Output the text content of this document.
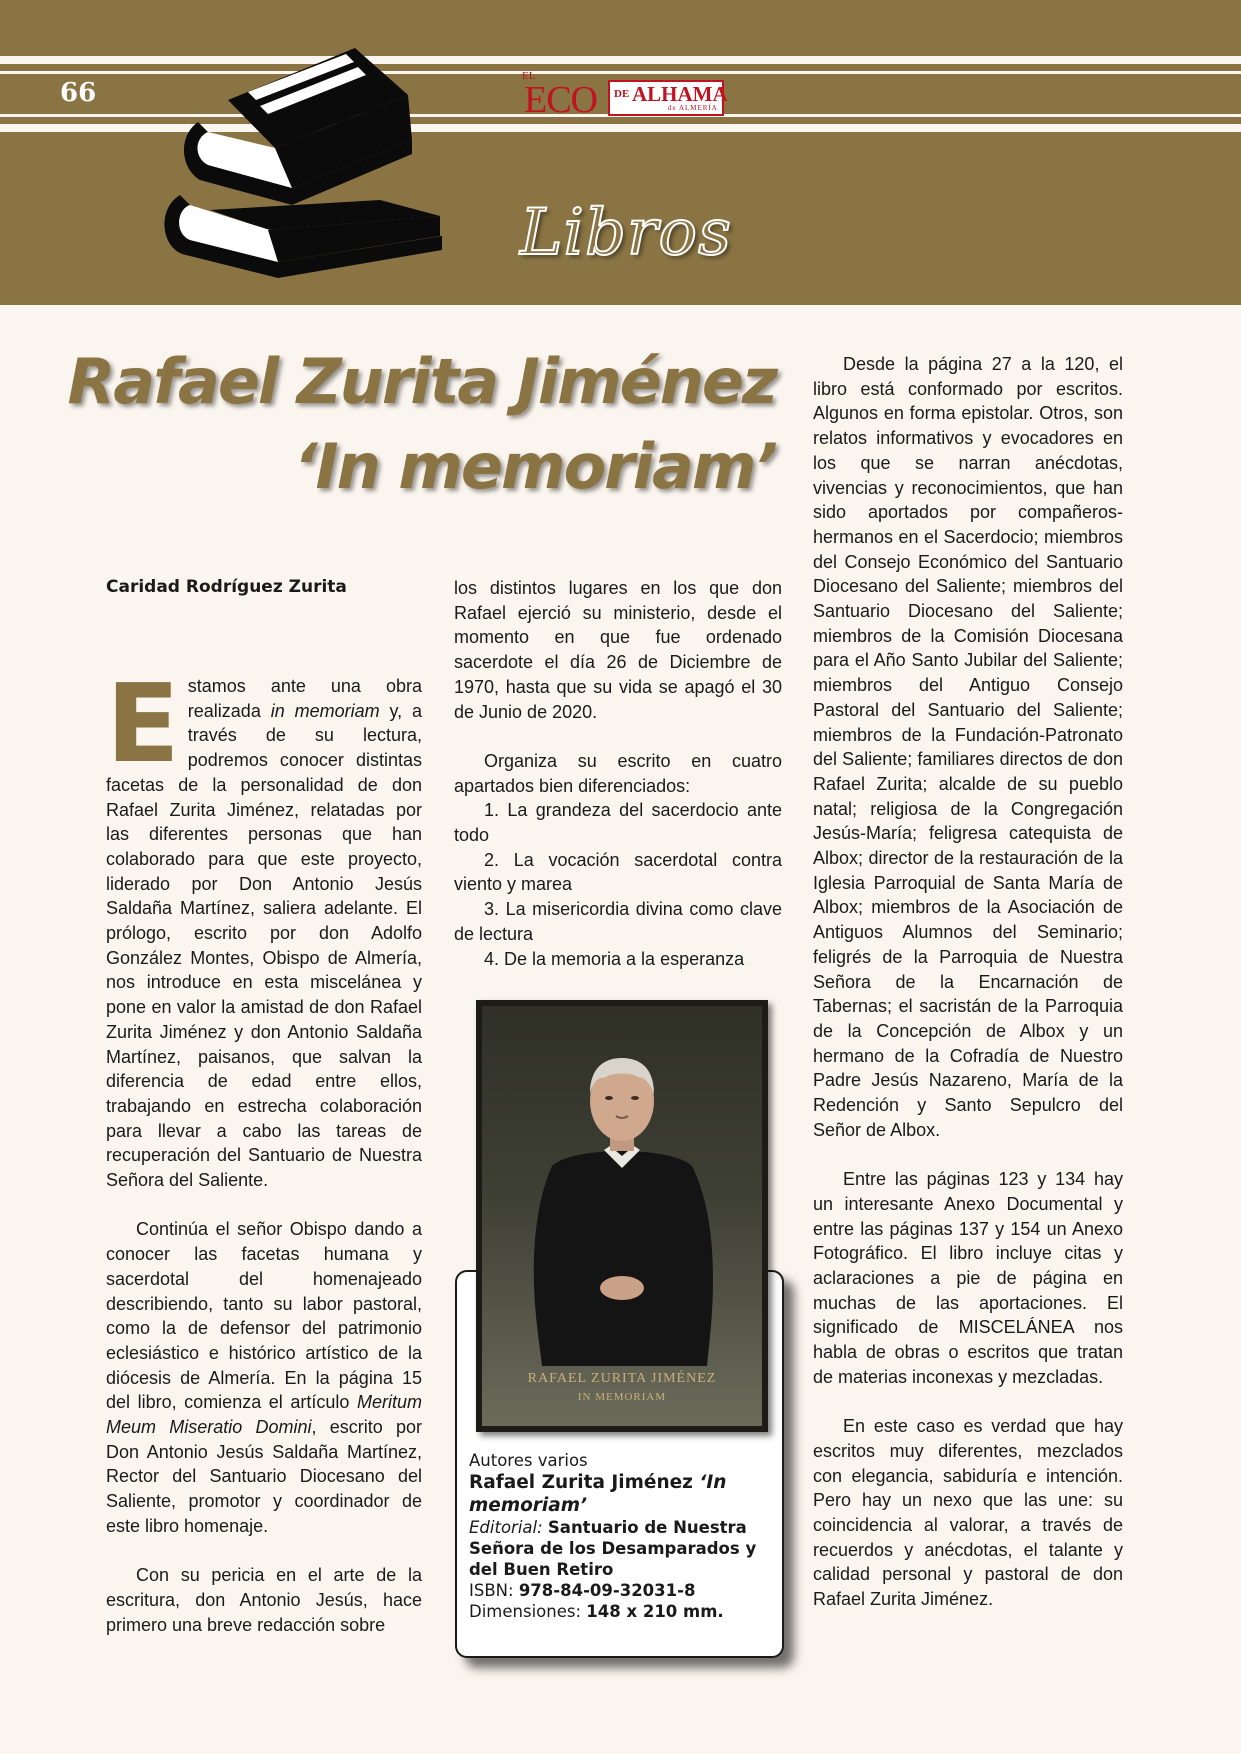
66
EL
ECO DE ALHAMA
de ALMERÍA
Libros
Rafael Zurita Jiménez
‘In memoriam’
Caridad Rodríguez Zurita

Estamos ante una obra realizada in memoriam y, a través de su lectura, podremos conocer distintas facetas de la personalidad de don Rafael Zurita Jiménez, relatadas por las diferentes personas que han colaborado para que este proyecto, liderado por Don Antonio Jesús Saldaña Martínez, saliera adelante. El prólogo, escrito por don Adolfo González Montes, Obispo de Almería, nos introduce en esta miscelánea y pone en valor la amistad de don Rafael Zurita Jiménez y don Antonio Saldaña Martínez, paisanos, que salvan la diferencia de edad entre ellos, trabajando en estrecha colaboración para llevar a cabo las tareas de recuperación del Santuario de Nuestra Señora del Saliente.

Continúa el señor Obispo dando a conocer las facetas humana y sacerdotal del homenajeado describiendo, tanto su labor pastoral, como la de defensor del patrimonio eclesiástico e histórico artístico de la diócesis de Almería. En la página 15 del libro, comienza el artículo Meritum Meum Miseratio Domini, escrito por Don Antonio Jesús Saldaña Martínez, Rector del Santuario Diocesano del Saliente, promotor y coordinador de este libro homenaje.

Con su pericia en el arte de la escritura, don Antonio Jesús, hace primero una breve redacción sobre

los distintos lugares en los que don Rafael ejerció su ministerio, desde el momento en que fue ordenado sacerdote el día 26 de Diciembre de 1970, hasta que su vida se apagó el 30 de Junio de 2020.

Organiza su escrito en cuatro apartados bien diferenciados:

1. La grandeza del sacerdocio ante todo

2. La vocación sacerdotal contra viento y marea

3. La misericordia divina como clave de lectura

4. De la memoria a la esperanza

Desde la página 27 a la 120, el libro está conformado por escritos. Algunos en forma epistolar. Otros, son relatos informativos y evocadores en los que se narran anécdotas, vivencias y reconocimientos, que han sido aportados por compañeros-hermanos en el Sacerdocio; miembros del Consejo Económico del Santuario Diocesano del Saliente; miembros del Santuario Diocesano del Saliente; miembros de la Comisión Diocesana para el Año Santo Jubilar del Saliente; miembros del Antiguo Consejo Pastoral del Santuario del Saliente; miembros de la Fundación-Patronato del Saliente; familiares directos de don Rafael Zurita; alcalde de su pueblo natal; religiosa de la Congregación Jesús-María; feligresa catequista de Albox; director de la restauración de la Iglesia Parroquial de Santa María de Albox; miembros de la Asociación de Antiguos Alumnos del Seminario; feligrés de la Parroquia de Nuestra Señora de la Encarnación de Tabernas; el sacristán de la Parroquia de la Concepción de Albox y un hermano de la Cofradía de Nuestro Padre Jesús Nazareno, María de la Redención y Santo Sepulcro del Señor de Albox.

Entre las páginas 123 y 134 hay un interesante Anexo Documental y entre las páginas 137 y 154 un Anexo Fotográfico. El libro incluye citas y aclaraciones a pie de página en muchas de las aportaciones. El significado de MISCELÁNEA nos habla de obras o escritos que tratan de materias inconexas y mezcladas.

En este caso es verdad que hay escritos muy diferentes, mezclados con elegancia, sabiduría e intención. Pero hay un nexo que las une: su coincidencia al valorar, a través de recuerdos y anécdotas, el talante y calidad personal y pastoral de don Rafael Zurita Jiménez.

Autores varios
Rafael Zurita Jiménez ‘In memoriam’
Editorial: Santuario de Nuestra Señora de los Desamparados y del Buen Retiro
ISBN: 978-84-09-32031-8
Dimensiones: 148 x 210 mm.
RAFAEL ZURITA JIMÉNEZ
IN MEMORIAM
